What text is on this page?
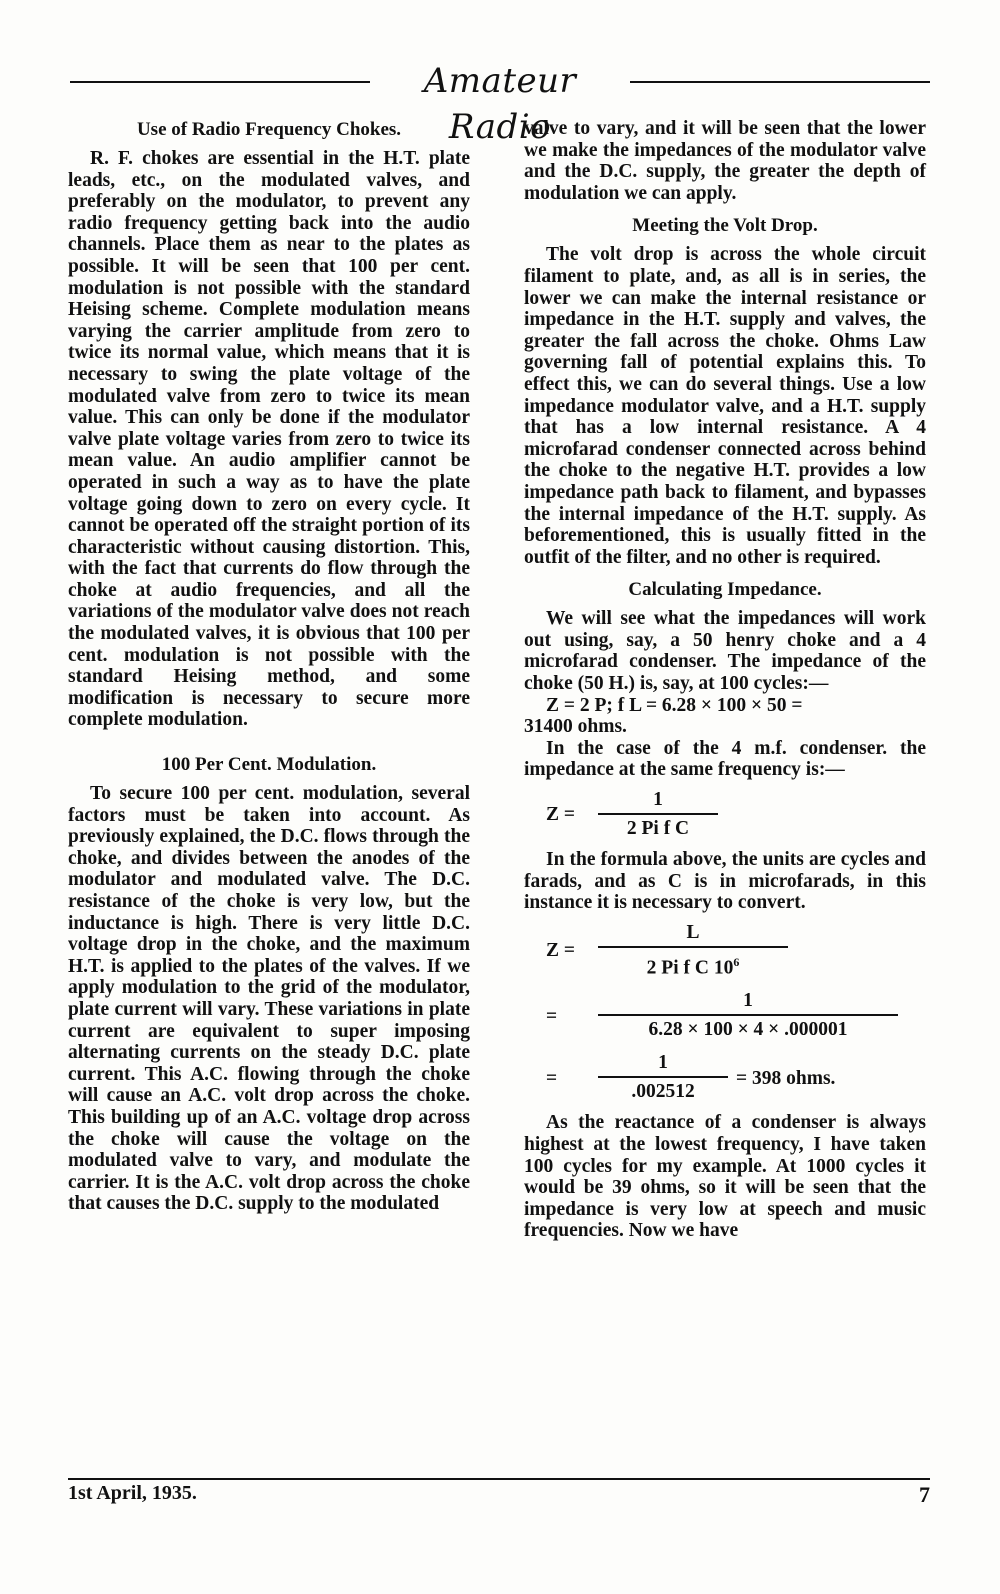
Amateur Radio
Use of Radio Frequency Chokes.

R. F. chokes are essential in the H.T. plate leads, etc., on the modulated valves, and preferably on the modulator, to prevent any radio frequency getting back into the audio channels. Place them as near to the plates as possible. It will be seen that 100 per cent. modulation is not possible with the standard Heising scheme. Complete modulation means varying the carrier amplitude from zero to twice its normal value, which means that it is necessary to swing the plate voltage of the modulated valve from zero to twice its mean value. This can only be done if the modulator valve plate voltage varies from zero to twice its mean value. An audio amplifier cannot be operated in such a way as to have the plate voltage going down to zero on every cycle. It cannot be operated off the straight portion of its characteristic without causing distortion. This, with the fact that currents do flow through the choke at audio frequencies, and all the variations of the modulator valve does not reach the modulated valves, it is obvious that 100 per cent. modulation is not possible with the standard Heising method, and some modification is necessary to secure more complete modulation.

100 Per Cent. Modulation.

To secure 100 per cent. modulation, several factors must be taken into account. As previously explained, the D.C. flows through the choke, and divides between the anodes of the modulator and modulated valve. The D.C. resistance of the choke is very low, but the inductance is high. There is very little D.C. voltage drop in the choke, and the maximum H.T. is applied to the plates of the valves. If we apply modulation to the grid of the modulator, plate current will vary. These variations in plate current are equivalent to super imposing alternating currents on the steady D.C. plate current. This A.C. flowing through the choke will cause an A.C. volt drop across the choke. This building up of an A.C. voltage drop across the choke will cause the voltage on the modulated valve to vary, and modulate the carrier. It is the A.C. volt drop across the choke that causes the D.C. supply to the modulated

valve to vary, and it will be seen that the lower we make the impedances of the modulator valve and the D.C. supply, the greater the depth of modulation we can apply.

Meeting the Volt Drop.

The volt drop is across the whole circuit filament to plate, and, as all is in series, the lower we can make the internal resistance or impedance in the H.T. supply and valves, the greater the fall across the choke. Ohms Law governing fall of potential explains this. To effect this, we can do several things. Use a low impedance modulator valve, and a H.T. supply that has a low internal resistance. A 4 microfarad condenser connected across behind the choke to the negative H.T. provides a low impedance path back to filament, and bypasses the internal impedance of the H.T. supply. As beforementioned, this is usually fitted in the outfit of the filter, and no other is required.

Calculating Impedance.

We will see what the impedances will work out using, say, a 50 henry choke and a 4 microfarad condenser. The impedance of the choke (50 H.) is, say, at 100 cycles:—

Z = 2 P; f L = 6.28 × 100 × 50 =

31400 ohms.

In the case of the 4 m.f. condenser. the impedance at the same frequency is:—

Z =	$\frac{1}{\text{2 Pi f C}}$

In the formula above, the units are cycles and farads, and as C is in microfarads, in this instance it is necessary to convert.

Z =	$\frac{L}{2 Pi f C 10^6}$
=	$\frac{1}{6.28 \times 100 \times 4 \times .000001}$
=	$\frac{1}{.002512} = 398$ ohms.

As the reactance of a condenser is always highest at the lowest frequency, I have taken 100 cycles for my example. At 1000 cycles it would be 39 ohms, so it will be seen that the impedance is very low at speech and music frequencies. Now we have

1st April, 1935.	7
